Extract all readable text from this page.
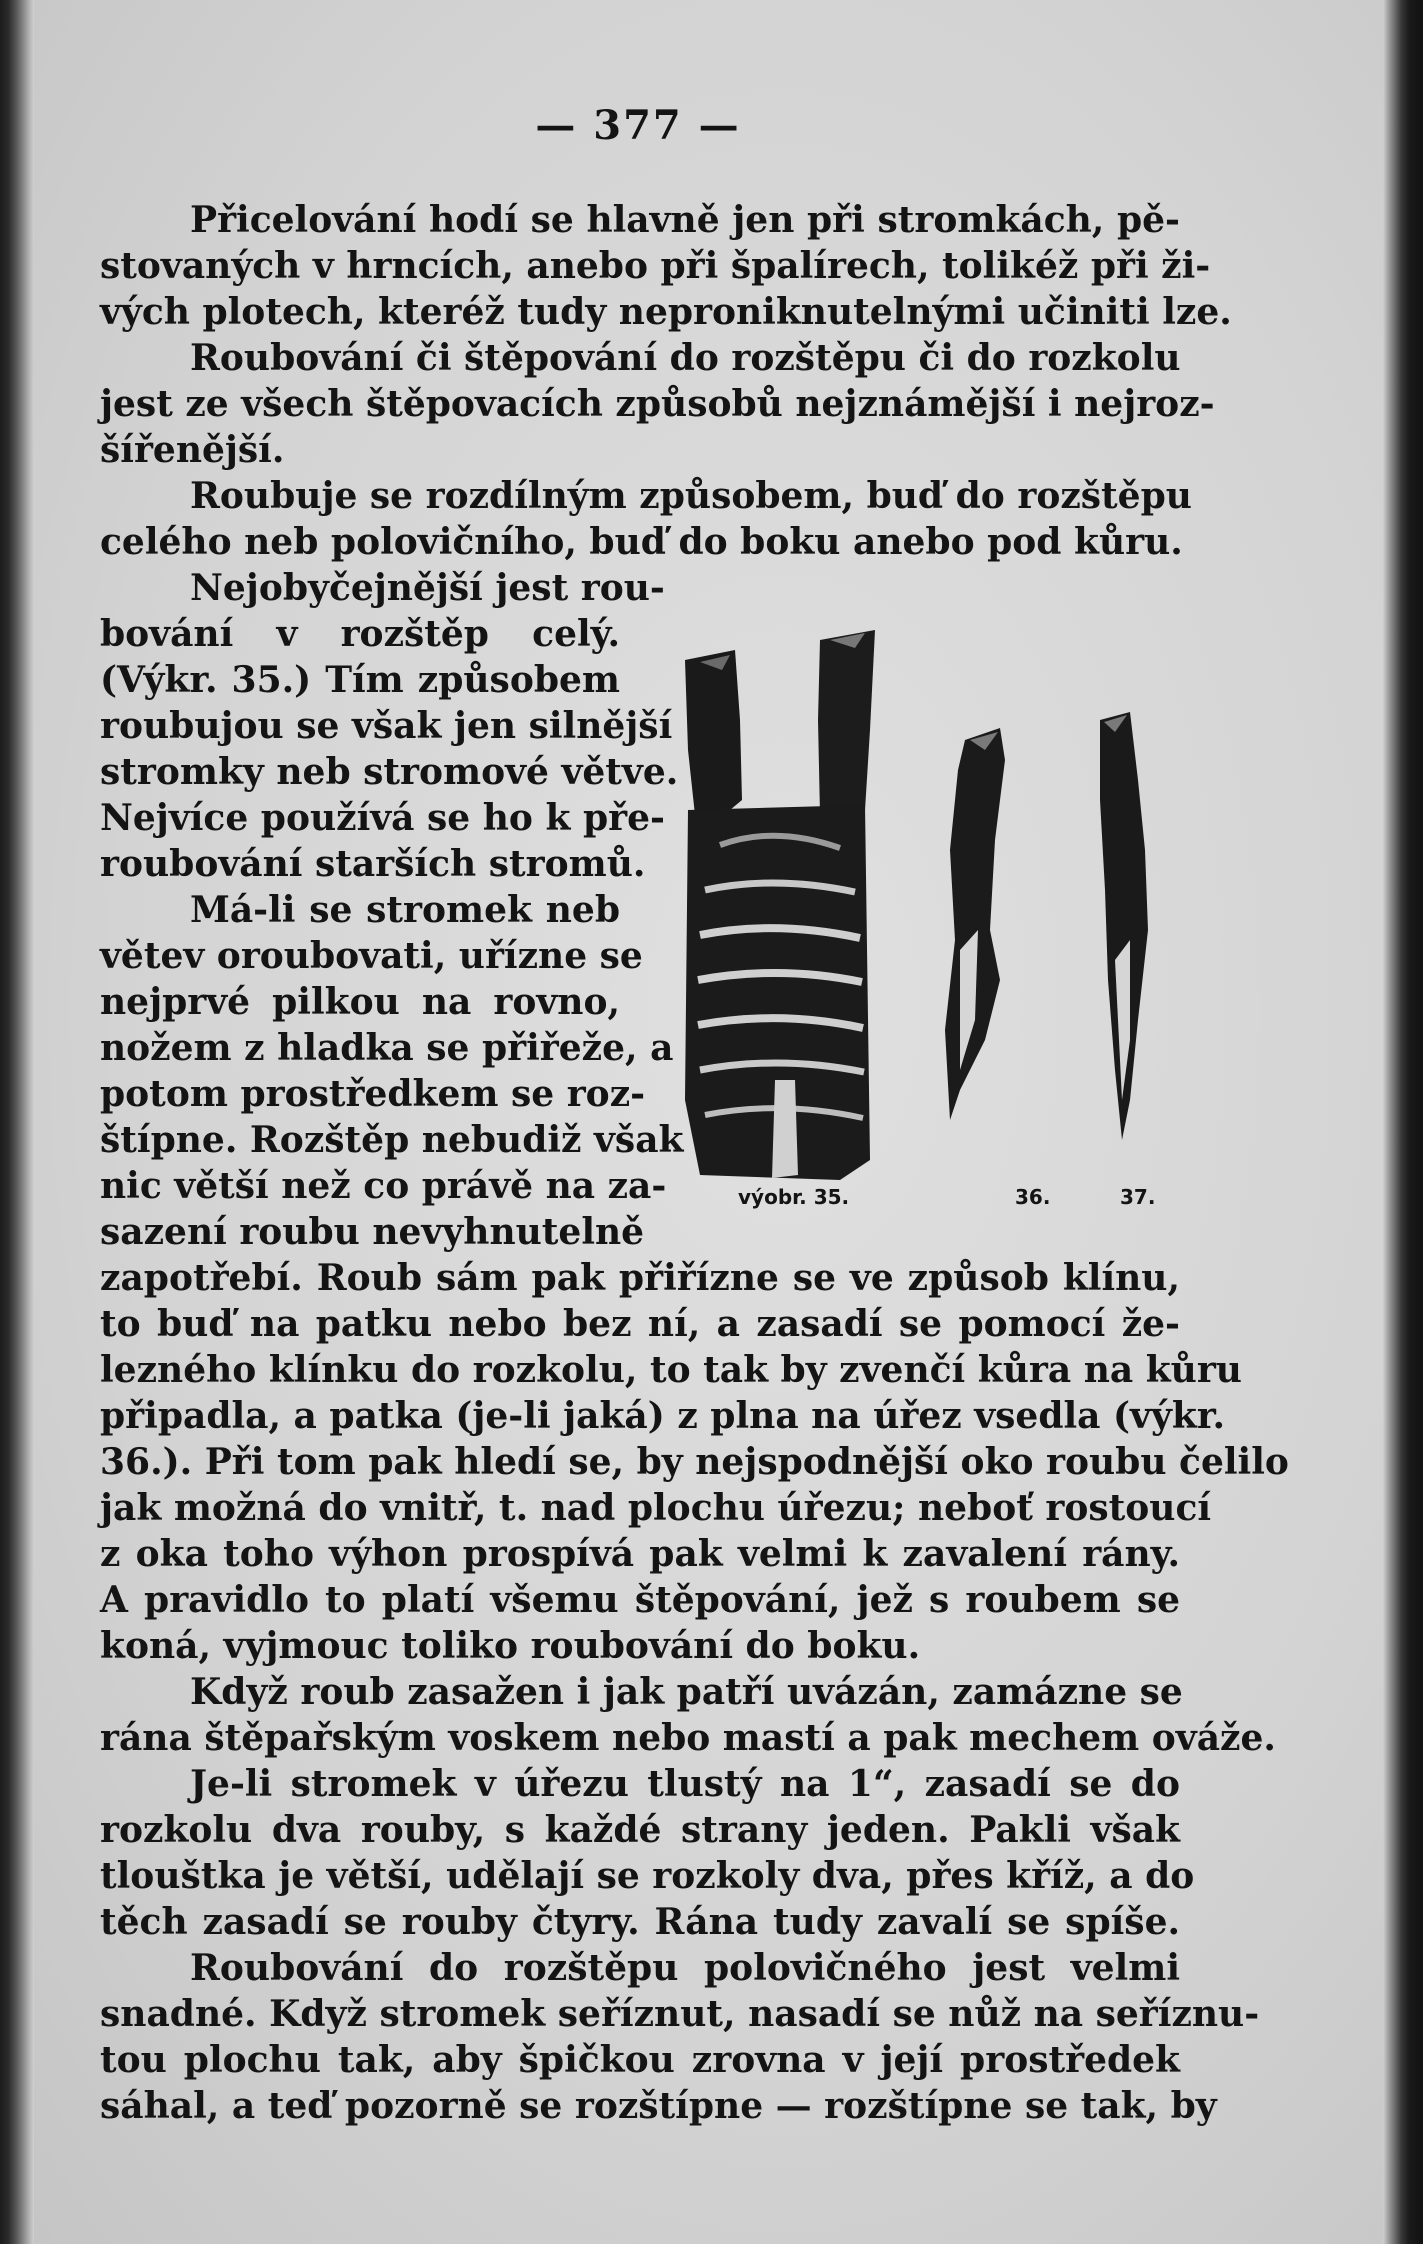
— 377 —
Přicelování hodí se hlavně jen při stromkách, pě-
stovaných v hrncích, anebo při špalírech, tolikéž při ži-
vých plotech, kteréž tudy neproniknutelnými učiniti lze.
Roubování či štěpování do rozštěpu či do rozkolu
jest ze všech štěpovacích způsobů nejznámější i nejroz-
šířenější.
Roubuje se rozdílným způsobem, buď do rozštěpu
celého neb polovičního, buď do boku anebo pod kůru.
Nejobyčejnější jest rou-
bování v rozštěp celý.
(Výkr. 35.) Tím způsobem
roubujou se však jen silnější
stromky neb stromové větve.
Nejvíce používá se ho k pře-
roubování starších stromů.
Má-li se stromek neb
větev oroubovati, uřízne se
nejprvé pilkou na rovno,
nožem z hladka se přiřeže, a
potom prostředkem se roz-
štípne. Rozštěp nebudiž však
nic větší než co právě na za-
sazení roubu nevyhnutelně
výobr. 35.	36.	37.
zapotřebí. Roub sám pak přiřízne se ve způsob klínu,
to buď na patku nebo bez ní, a zasadí se pomocí že-
lezného klínku do rozkolu, to tak by zvenčí kůra na kůru
připadla, a patka (je-li jaká) z plna na úřez vsedla (výkr.
36.). Při tom pak hledí se, by nejspodnější oko roubu čelilo
jak možná do vnitř, t. nad plochu úřezu; neboť rostoucí
z oka toho výhon prospívá pak velmi k zavalení rány.
A pravidlo to platí všemu štěpování, jež s roubem se
koná, vyjmouc toliko roubování do boku.
Když roub zasažen i jak patří uvázán, zamázne se
rána štěpařským voskem nebo mastí a pak mechem ováže.
Je-li stromek v úřezu tlustý na 1“, zasadí se do
rozkolu dva rouby, s každé strany jeden. Pakli však
tlouštka je větší, udělají se rozkoly dva, přes kříž, a do
těch zasadí se rouby čtyry. Rána tudy zavalí se spíše.
Roubování do rozštěpu polovičného jest velmi
snadné. Když stromek seříznut, nasadí se nůž na seříznu-
tou plochu tak, aby špičkou zrovna v její prostředek
sáhal, a teď pozorně se rozštípne — rozštípne se tak, by
